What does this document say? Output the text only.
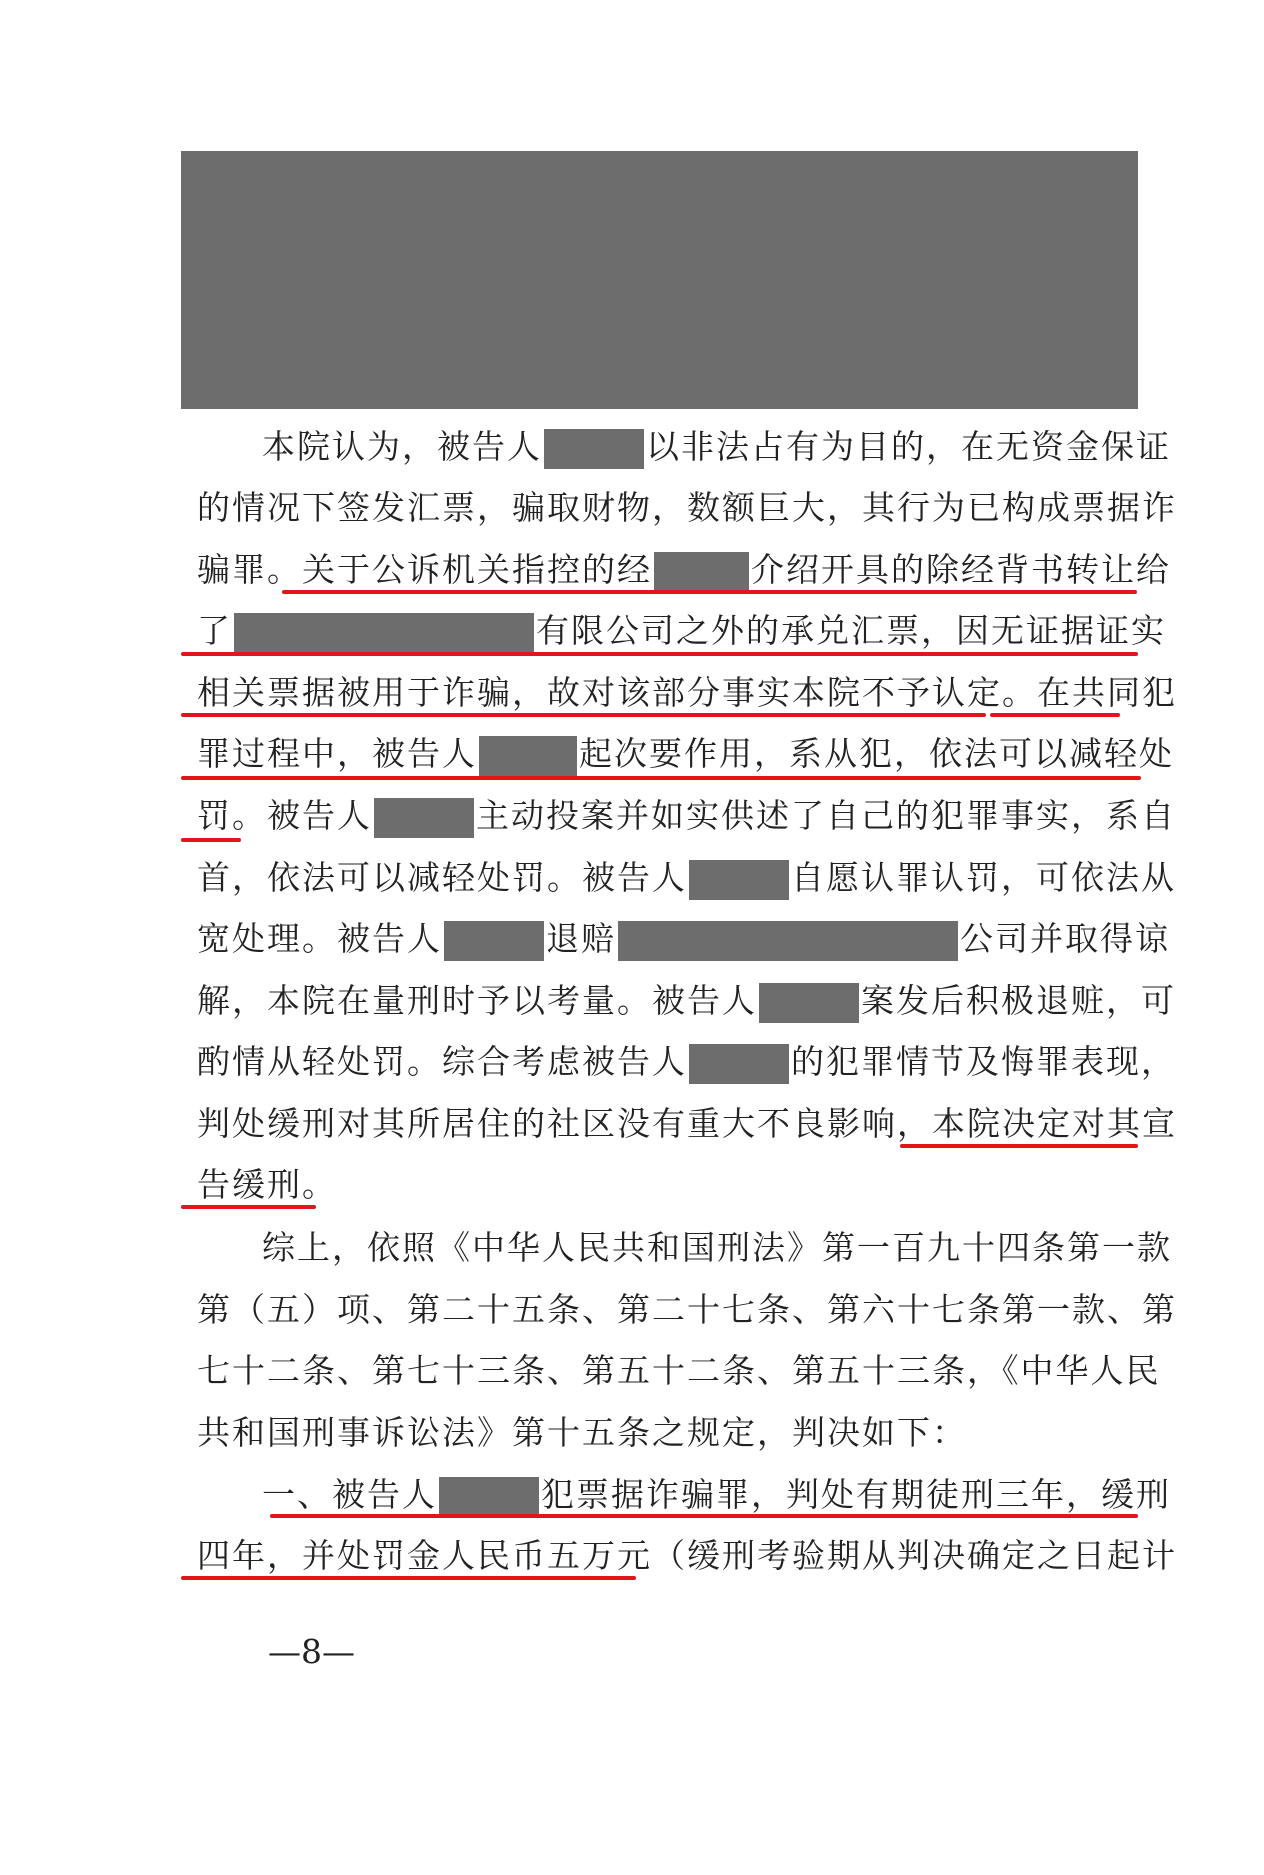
本院认为，被告人	以非法占有为目的，在无资金保证
的情况下签发汇票，骗取财物，数额巨大，其行为已构成票据诈
骗罪。关于公诉机关指控的经	介绍开具的除经背书转让给
了	有限公司之外的承兑汇票，因无证据证实
相关票据被用于诈骗，故对该部分事实本院不予认定。在共同犯
罪过程中，被告人	起次要作用，系从犯，依法可以减轻处
罚。被告人	主动投案并如实供述了自己的犯罪事实，系自
首，依法可以减轻处罚。被告人	自愿认罪认罚，可依法从
宽处理。被告人	退赔	公司并取得谅
解，本院在量刑时予以考量。被告人	案发后积极退赃，可
酌情从轻处罚。综合考虑被告人	的犯罪情节及悔罪表现，
判处缓刑对其所居住的社区没有重大不良影响，本院决定对其宣
告缓刑。
综上，依照《中华人民共和国刑法》第一百九十四条第一款
第（五）项、第二十五条、第二十七条、第六十七条第一款、第
七十二条、第七十三条、第五十二条、第五十三条，《中华人民
共和国刑事诉讼法》第十五条之规定，判决如下：
一、被告人	犯票据诈骗罪，判处有期徒刑三年，缓刑
四年，并处罚金人民币五万元（缓刑考验期从判决确定之日起计
—8—
